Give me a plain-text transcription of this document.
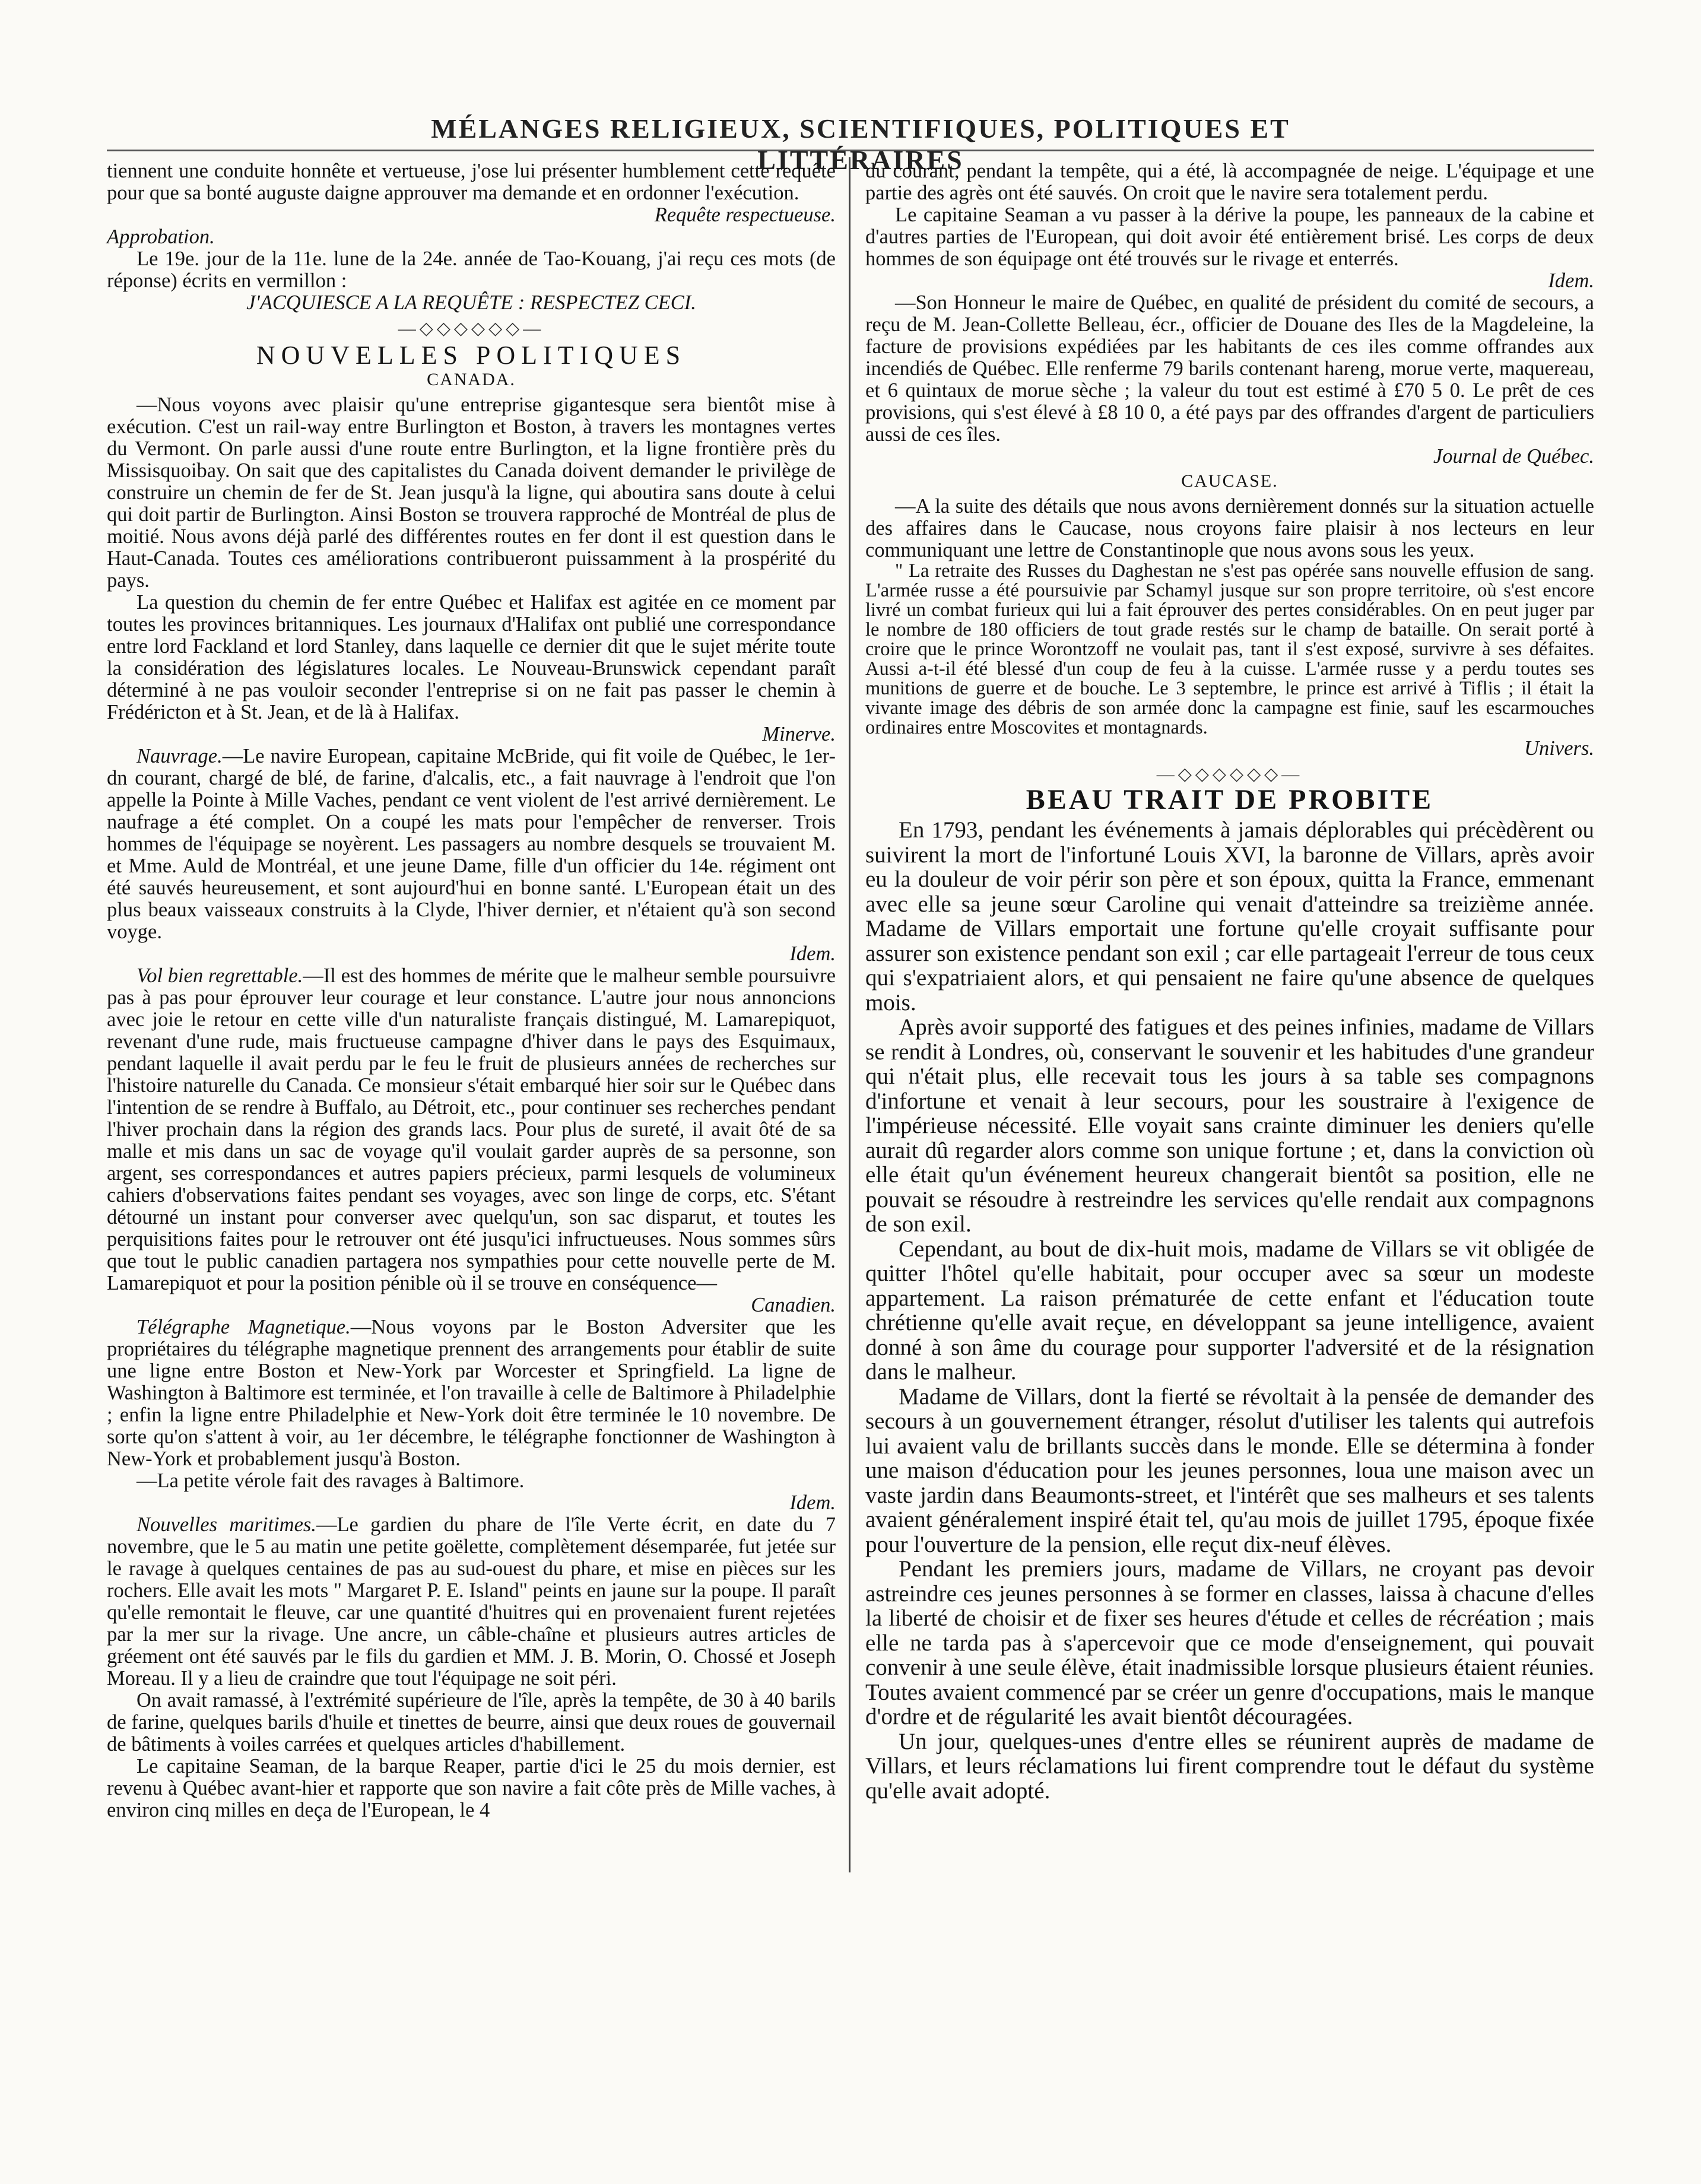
MÉLANGES RELIGIEUX, SCIENTIFIQUES, POLITIQUES ET LITTÉRAIRES

tiennent une conduite honnête et vertueuse, j'ose lui présenter humblement cette requête pour que sa bonté auguste daigne approuver ma demande et en ordonner l'exécution.

Requête respectueuse.

Approbation.

Le 19e. jour de la 11e. lune de la 24e. année de Tao-Kouang, j'ai reçu ces mots (de réponse) écrits en vermillon :

J'ACQUIESCE A LA REQUÊTE : RESPECTEZ CECI.

—◇◇◇◇◇◇—
NOUVELLES POLITIQUES
CANADA.

—Nous voyons avec plaisir qu'une entreprise gigantesque sera bientôt mise à exécution. C'est un rail-way entre Burlington et Boston, à travers les montagnes vertes du Vermont. On parle aussi d'une route entre Burlington, et la ligne frontière près du Missisquoibay. On sait que des capitalistes du Canada doivent demander le privilège de construire un chemin de fer de St. Jean jusqu'à la ligne, qui aboutira sans doute à celui qui doit partir de Burlington. Ainsi Boston se trouvera rapproché de Montréal de plus de moitié. Nous avons déjà parlé des différentes routes en fer dont il est question dans le Haut-Canada. Toutes ces améliorations contribueront puissamment à la prospérité du pays.

La question du chemin de fer entre Québec et Halifax est agitée en ce moment par toutes les provinces britanniques. Les journaux d'Halifax ont publié une correspondance entre lord Fackland et lord Stanley, dans laquelle ce dernier dit que le sujet mérite toute la considération des législatures locales. Le Nouveau-Brunswick cependant paraît déterminé à ne pas vouloir seconder l'entreprise si on ne fait pas passer le chemin à Frédéricton et à St. Jean, et de là à Halifax.

Minerve.

Nauvrage.—Le navire European, capitaine McBride, qui fit voile de Québec, le 1er- dn courant, chargé de blé, de farine, d'alcalis, etc., a fait nauvrage à l'endroit que l'on appelle la Pointe à Mille Vaches, pendant ce vent violent de l'est arrivé dernièrement. Le naufrage a été complet. On a coupé les mats pour l'empêcher de renverser. Trois hommes de l'équipage se noyèrent. Les passagers au nombre desquels se trouvaient M. et Mme. Auld de Montréal, et une jeune Dame, fille d'un officier du 14e. régiment ont été sauvés heureusement, et sont aujourd'hui en bonne santé. L'European était un des plus beaux vaisseaux construits à la Clyde, l'hiver dernier, et n'étaient qu'à son second voyge.

Idem.

Vol bien regrettable.—Il est des hommes de mérite que le malheur semble poursuivre pas à pas pour éprouver leur courage et leur constance. L'autre jour nous annoncions avec joie le retour en cette ville d'un naturaliste français distingué, M. Lamarepiquot, revenant d'une rude, mais fructueuse campagne d'hiver dans le pays des Esquimaux, pendant laquelle il avait perdu par le feu le fruit de plusieurs années de recherches sur l'histoire naturelle du Canada. Ce monsieur s'était embarqué hier soir sur le Québec dans l'intention de se rendre à Buffalo, au Détroit, etc., pour continuer ses recherches pendant l'hiver prochain dans la région des grands lacs. Pour plus de sureté, il avait ôté de sa malle et mis dans un sac de voyage qu'il voulait garder auprès de sa personne, son argent, ses correspondances et autres papiers précieux, parmi lesquels de volumineux cahiers d'observations faites pendant ses voyages, avec son linge de corps, etc. S'étant détourné un instant pour converser avec quelqu'un, son sac disparut, et toutes les perquisitions faites pour le retrouver ont été jusqu'ici infructueuses. Nous sommes sûrs que tout le public canadien partagera nos sympathies pour cette nouvelle perte de M. Lamarepiquot et pour la position pénible où il se trouve en conséquence—

Canadien.

Télégraphe Magnetique.—Nous voyons par le Boston Adversiter que les propriétaires du télégraphe magnetique prennent des arrangements pour établir de suite une ligne entre Boston et New-York par Worcester et Springfield. La ligne de Washington à Baltimore est terminée, et l'on travaille à celle de Baltimore à Philadelphie ; enfin la ligne entre Philadelphie et New-York doit être terminée le 10 novembre. De sorte qu'on s'attent à voir, au 1er décembre, le télégraphe fonctionner de Washington à New-York et probablement jusqu'à Boston.

—La petite vérole fait des ravages à Baltimore.

Idem.

Nouvelles maritimes.—Le gardien du phare de l'île Verte écrit, en date du 7 novembre, que le 5 au matin une petite goëlette, complètement désemparée, fut jetée sur le ravage à quelques centaines de pas au sud-ouest du phare, et mise en pièces sur les rochers. Elle avait les mots " Margaret P. E. Island" peints en jaune sur la poupe. Il paraît qu'elle remontait le fleuve, car une quantité d'huitres qui en provenaient furent rejetées par la mer sur la rivage. Une ancre, un câble-chaîne et plusieurs autres articles de gréement ont été sauvés par le fils du gardien et MM. J. B. Morin, O. Chossé et Joseph Moreau. Il y a lieu de craindre que tout l'équipage ne soit péri.

On avait ramassé, à l'extrémité supérieure de l'île, après la tempête, de 30 à 40 barils de farine, quelques barils d'huile et tinettes de beurre, ainsi que deux roues de gouvernail de bâtiments à voiles carrées et quelques articles d'habillement.

Le capitaine Seaman, de la barque Reaper, partie d'ici le 25 du mois dernier, est revenu à Québec avant-hier et rapporte que son navire a fait côte près de Mille vaches, à environ cinq milles en deça de l'European, le 4

du courant, pendant la tempête, qui a été, là accompagnée de neige. L'équipage et une partie des agrès ont été sauvés. On croit que le navire sera totalement perdu.

Le capitaine Seaman a vu passer à la dérive la poupe, les panneaux de la cabine et d'autres parties de l'European, qui doit avoir été entièrement brisé. Les corps de deux hommes de son équipage ont été trouvés sur le rivage et enterrés.

Idem.

—Son Honneur le maire de Québec, en qualité de président du comité de secours, a reçu de M. Jean-Collette Belleau, écr., officier de Douane des Iles de la Magdeleine, la facture de provisions expédiées par les habitants de ces iles comme offrandes aux incendiés de Québec. Elle renferme 79 barils contenant hareng, morue verte, maquereau, et 6 quintaux de morue sèche ; la valeur du tout est estimé à £70 5 0. Le prêt de ces provisions, qui s'est élevé à £8 10 0, a été pays par des offrandes d'argent de particuliers aussi de ces îles.

Journal de Québec.

CAUCASE.

—A la suite des détails que nous avons dernièrement donnés sur la situation actuelle des affaires dans le Caucase, nous croyons faire plaisir à nos lecteurs en leur communiquant une lettre de Constantinople que nous avons sous les yeux.

" La retraite des Russes du Daghestan ne s'est pas opérée sans nouvelle effusion de sang. L'armée russe a été poursuivie par Schamyl jusque sur son propre territoire, où s'est encore livré un combat furieux qui lui a fait éprouver des pertes considérables. On en peut juger par le nombre de 180 officiers de tout grade restés sur le champ de bataille. On serait porté à croire que le prince Worontzoff ne voulait pas, tant il s'est exposé, survivre à ses défaites. Aussi a-t-il été blessé d'un coup de feu à la cuisse. L'armée russe y a perdu toutes ses munitions de guerre et de bouche. Le 3 septembre, le prince est arrivé à Tiflis ; il était la vivante image des débris de son armée donc la campagne est finie, sauf les escarmouches ordinaires entre Moscovites et montagnards.

Univers.

—◇◇◇◇◇◇—
BEAU TRAIT DE PROBITE

En 1793, pendant les événements à jamais déplorables qui précèdèrent ou suivirent la mort de l'infortuné Louis XVI, la baronne de Villars, après avoir eu la douleur de voir périr son père et son époux, quitta la France, emmenant avec elle sa jeune sœur Caroline qui venait d'atteindre sa treizième année. Madame de Villars emportait une fortune qu'elle croyait suffisante pour assurer son existence pendant son exil ; car elle partageait l'erreur de tous ceux qui s'expatriaient alors, et qui pensaient ne faire qu'une absence de quelques mois.

Après avoir supporté des fatigues et des peines infinies, madame de Villars se rendit à Londres, où, conservant le souvenir et les habitudes d'une grandeur qui n'était plus, elle recevait tous les jours à sa table ses compagnons d'infortune et venait à leur secours, pour les soustraire à l'exigence de l'impérieuse nécessité. Elle voyait sans crainte diminuer les deniers qu'elle aurait dû regarder alors comme son unique fortune ; et, dans la conviction où elle était qu'un événement heureux changerait bientôt sa position, elle ne pouvait se résoudre à restreindre les services qu'elle rendait aux compagnons de son exil.

Cependant, au bout de dix-huit mois, madame de Villars se vit obligée de quitter l'hôtel qu'elle habitait, pour occuper avec sa sœur un modeste appartement. La raison prématurée de cette enfant et l'éducation toute chrétienne qu'elle avait reçue, en développant sa jeune intelligence, avaient donné à son âme du courage pour supporter l'adversité et de la résignation dans le malheur.

Madame de Villars, dont la fierté se révoltait à la pensée de demander des secours à un gouvernement étranger, résolut d'utiliser les talents qui autrefois lui avaient valu de brillants succès dans le monde. Elle se détermina à fonder une maison d'éducation pour les jeunes personnes, loua une maison avec un vaste jardin dans Beaumonts-street, et l'intérêt que ses malheurs et ses talents avaient généralement inspiré était tel, qu'au mois de juillet 1795, époque fixée pour l'ouverture de la pension, elle reçut dix-neuf élèves.

Pendant les premiers jours, madame de Villars, ne croyant pas devoir astreindre ces jeunes personnes à se former en classes, laissa à chacune d'elles la liberté de choisir et de fixer ses heures d'étude et celles de récréation ; mais elle ne tarda pas à s'apercevoir que ce mode d'enseignement, qui pouvait convenir à une seule élève, était inadmissible lorsque plusieurs étaient réunies. Toutes avaient commencé par se créer un genre d'occupations, mais le manque d'ordre et de régularité les avait bientôt découragées.

Un jour, quelques-unes d'entre elles se réunirent auprès de madame de Villars, et leurs réclamations lui firent comprendre tout le défaut du système qu'elle avait adopté.
